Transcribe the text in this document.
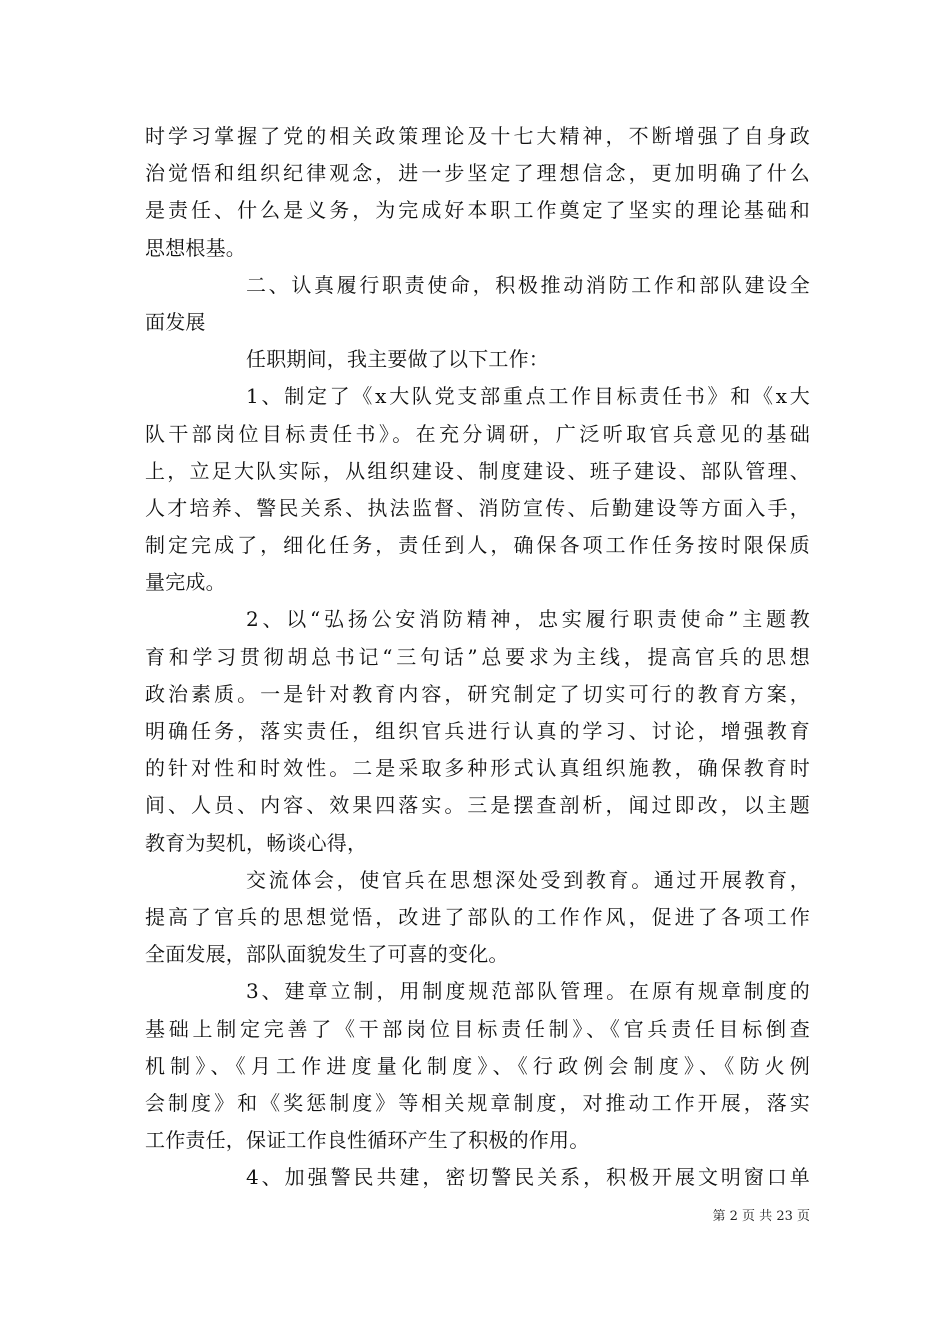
时学习掌握了党的相关政策理论及十七大精神，不断增强了自身政
治觉悟和组织纪律观念，进一步坚定了理想信念，更加明确了什么
是责任、什么是义务，为完成好本职工作奠定了坚实的理论基础和
思想根基。
二、认真履行职责使命，积极推动消防工作和部队建设全
面发展
任职期间，我主要做了以下工作：
1、制定了《x大队党支部重点工作目标责任书》和《x大
队干部岗位目标责任书》。在充分调研，广泛听取官兵意见的基础
上，立足大队实际，从组织建设、制度建设、班子建设、部队管理、
人才培养、警民关系、执法监督、消防宣传、后勤建设等方面入手，
制定完成了，细化任务，责任到人，确保各项工作任务按时限保质
量完成。
2、以“弘扬公安消防精神，忠实履行职责使命”主题教
育和学习贯彻胡总书记“三句话”总要求为主线，提高官兵的思想
政治素质。一是针对教育内容，研究制定了切实可行的教育方案，
明确任务，落实责任，组织官兵进行认真的学习、讨论，增强教育
的针对性和时效性。二是采取多种形式认真组织施教，确保教育时
间、人员、内容、效果四落实。三是摆查剖析，闻过即改，以主题
教育为契机，畅谈心得，
交流体会，使官兵在思想深处受到教育。通过开展教育，
提高了官兵的思想觉悟，改进了部队的工作作风，促进了各项工作
全面发展，部队面貌发生了可喜的变化。
3、建章立制，用制度规范部队管理。在原有规章制度的
基础上制定完善了《干部岗位目标责任制》、《官兵责任目标倒查
机制》、《月工作进度量化制度》、《行政例会制度》、《防火例
会制度》和《奖惩制度》等相关规章制度，对推动工作开展，落实
工作责任，保证工作良性循环产生了积极的作用。
4、加强警民共建，密切警民关系，积极开展文明窗口单
第 2 页 共 23 页
